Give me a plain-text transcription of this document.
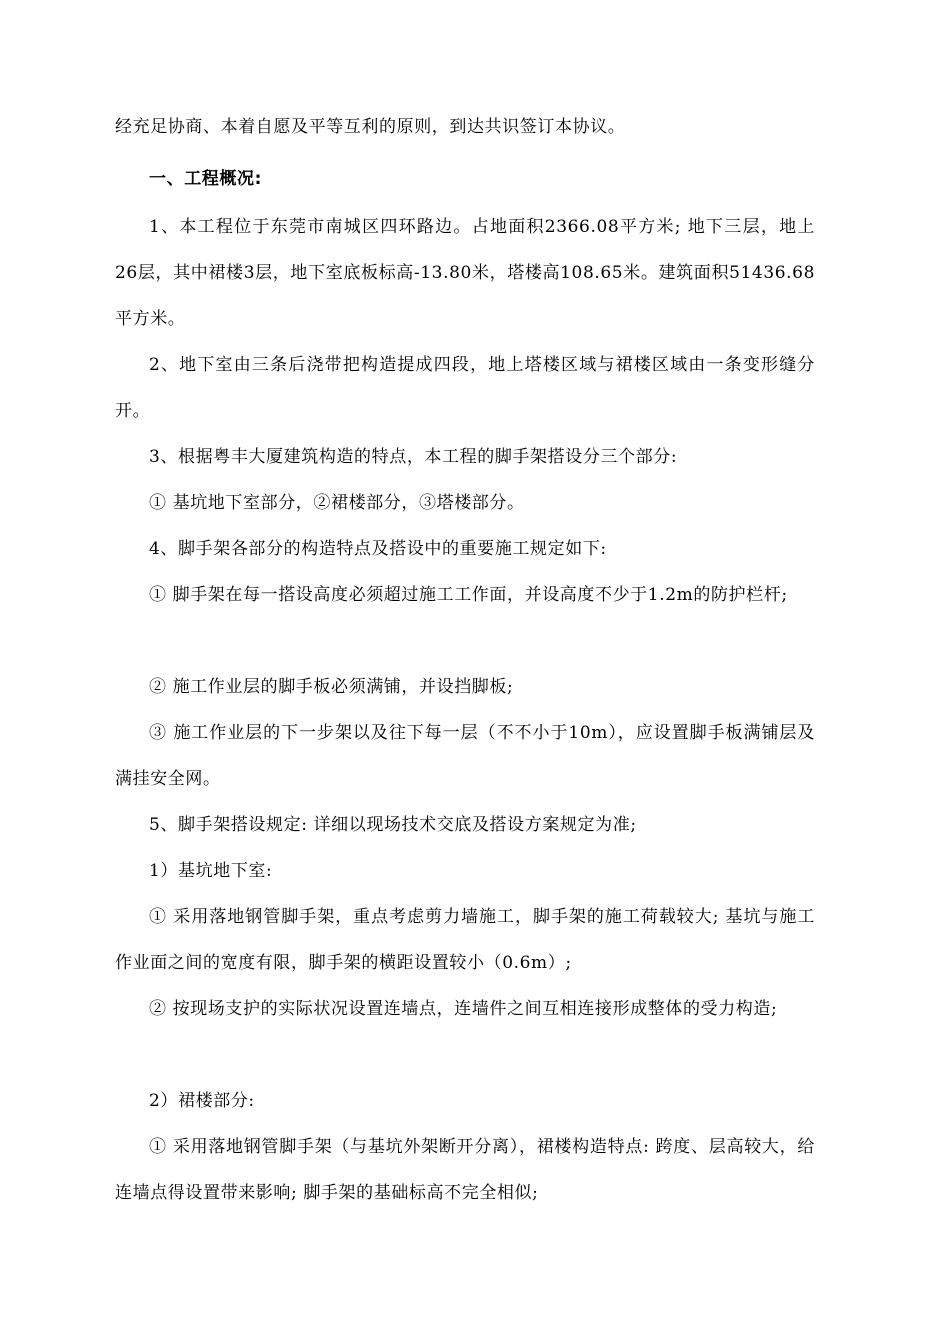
经充足协商、本着自愿及平等互利的原则，到达共识签订本协议。

一、工程概况:

1、本工程位于东莞市南城区四环路边。占地面积2366.08平方米; 地下三层，地上26层，其中裙楼3层，地下室底板标高-13.80米，塔楼高108.65米。建筑面积51436.68平方米。

2、地下室由三条后浇带把构造提成四段，地上塔楼区域与裙楼区域由一条变形缝分开。

3、根据粤丰大厦建筑构造的特点，本工程的脚手架搭设分三个部分:

① 基坑地下室部分，②裙楼部分，③塔楼部分。

4、脚手架各部分的构造特点及搭设中的重要施工规定如下:

① 脚手架在每一搭设高度必须超过施工工作面，并设高度不少于1.2m的防护栏杆;

② 施工作业层的脚手板必须满铺，并设挡脚板;

③ 施工作业层的下一步架以及往下每一层（不不小于10m），应设置脚手板满铺层及满挂安全网。

5、脚手架搭设规定: 详细以现场技术交底及搭设方案规定为准;

1）基坑地下室:

① 采用落地钢管脚手架，重点考虑剪力墙施工，脚手架的施工荷载较大; 基坑与施工作业面之间的宽度有限，脚手架的横距设置较小（0.6m）;

② 按现场支护的实际状况设置连墙点，连墙件之间互相连接形成整体的受力构造;

2）裙楼部分:

① 采用落地钢管脚手架（与基坑外架断开分离），裙楼构造特点: 跨度、层高较大，给连墙点得设置带来影响; 脚手架的基础标高不完全相似;
